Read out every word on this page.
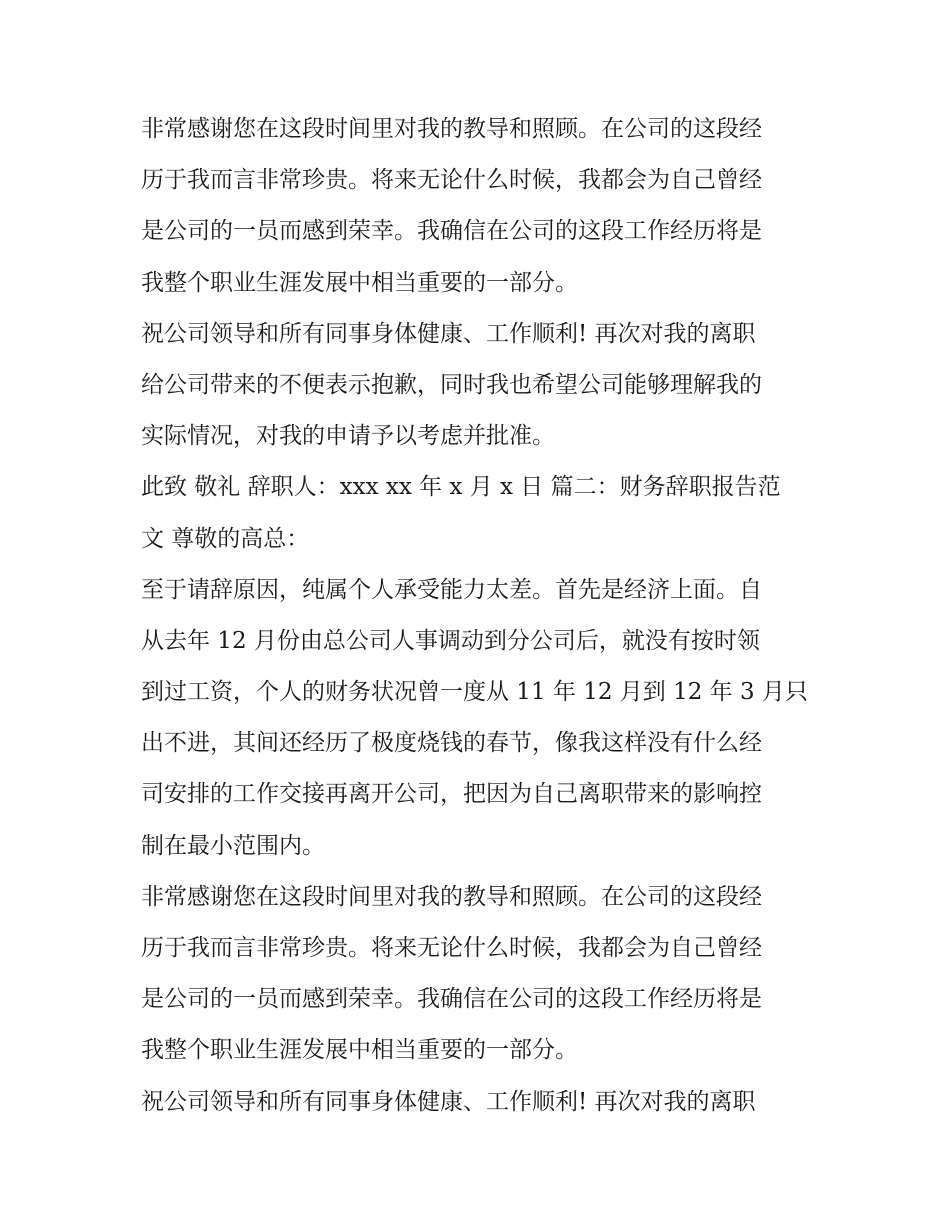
非常感谢您在这段时间里对我的教导和照顾。在公司的这段经
历于我而言非常珍贵。将来无论什么时候，我都会为自己曾经
是公司的一员而感到荣幸。我确信在公司的这段工作经历将是
我整个职业生涯发展中相当重要的一部分。
祝公司领导和所有同事身体健康、工作顺利! 再次对我的离职
给公司带来的不便表示抱歉，同时我也希望公司能够理解我的
实际情况，对我的申请予以考虑并批准。
此致 敬礼 辞职人：xxx xx 年 x 月 x 日 篇二：财务辞职报告范
文 尊敬的高总：
至于请辞原因，纯属个人承受能力太差。首先是经济上面。自
从去年 12 月份由总公司人事调动到分公司后，就没有按时领
到过工资，个人的财务状况曾一度从 11 年 12 月到 12 年 3 月只
出不进，其间还经历了极度烧钱的春节，像我这样没有什么经
司安排的工作交接再离开公司，把因为自己离职带来的影响控
制在最小范围内。
非常感谢您在这段时间里对我的教导和照顾。在公司的这段经
历于我而言非常珍贵。将来无论什么时候，我都会为自己曾经
是公司的一员而感到荣幸。我确信在公司的这段工作经历将是
我整个职业生涯发展中相当重要的一部分。
祝公司领导和所有同事身体健康、工作顺利! 再次对我的离职
